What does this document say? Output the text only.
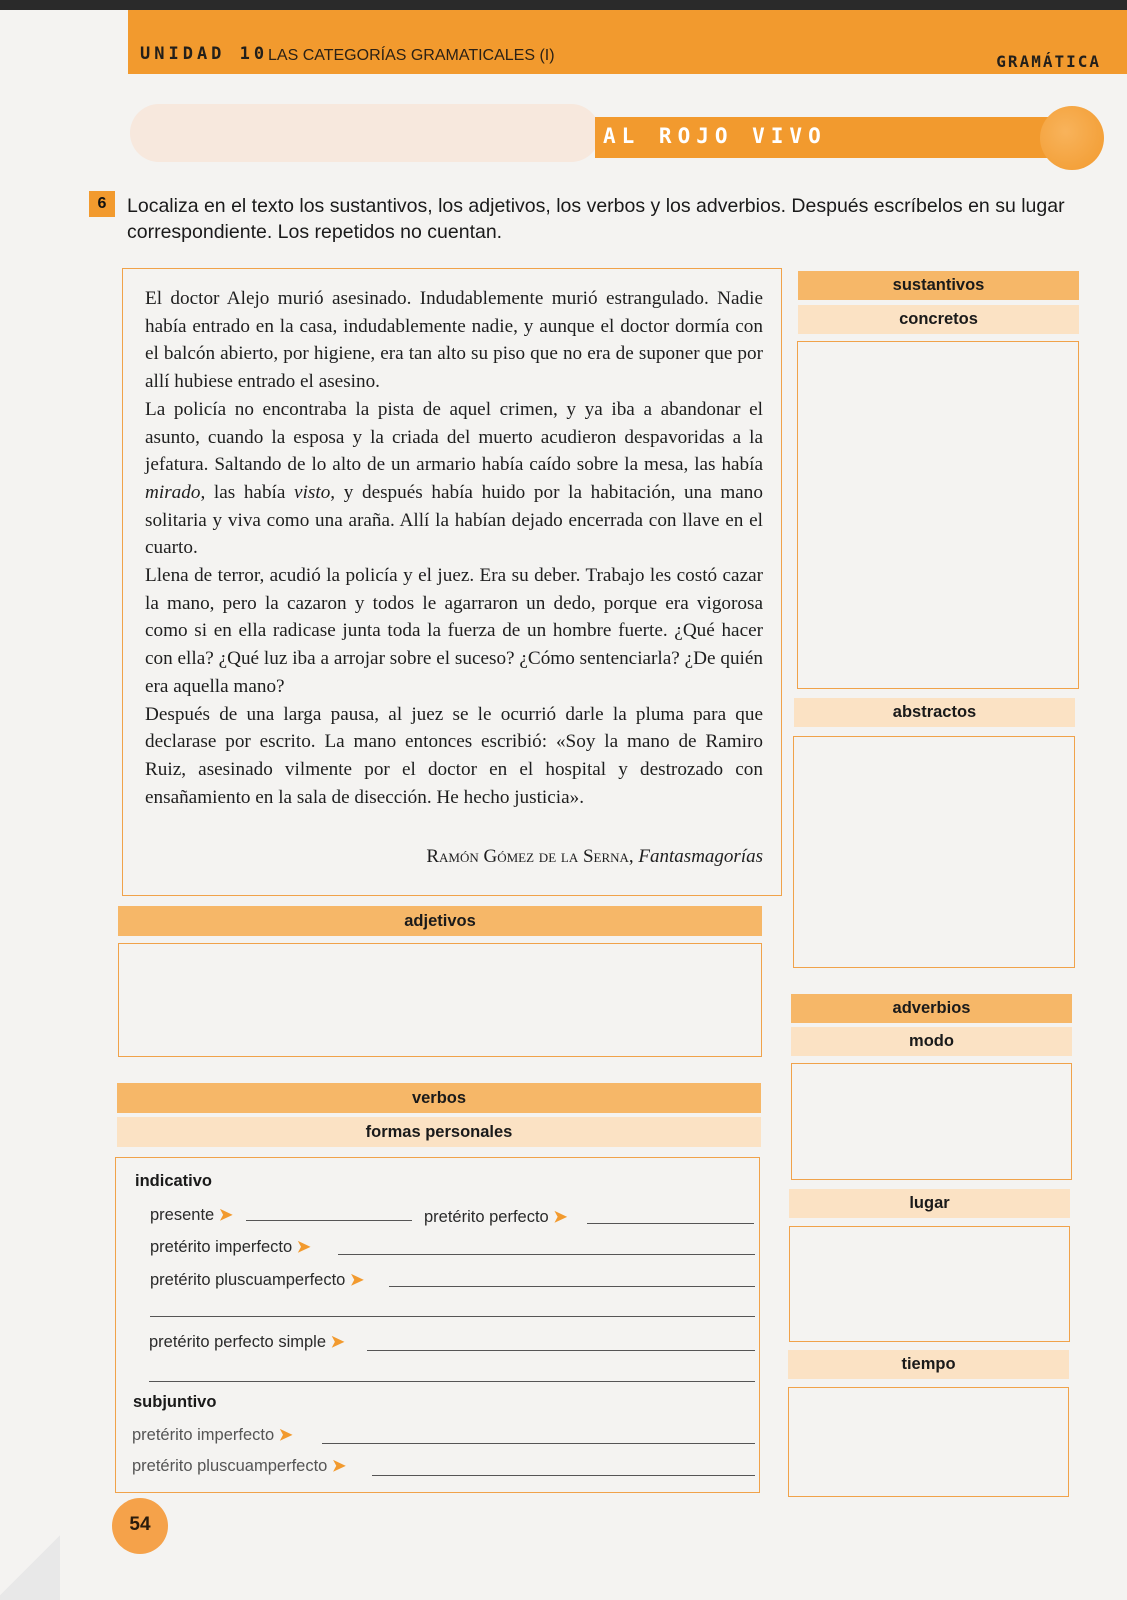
UNIDAD 10 LAS CATEGORÍAS GRAMATICALES (I)	GRAMÁTICA
AL ROJO VIVO
6	Localiza en el texto los sustantivos, los adjetivos, los verbos y los adverbios. Después escríbelos en su lugar correspondiente. Los repetidos no cuentan.

El doctor Alejo murió asesinado. Indudablemente murió estrangulado. Nadie había entrado en la casa, indudablemente nadie, y aunque el doctor dormía con el balcón abierto, por higiene, era tan alto su piso que no era de suponer que por allí hubiese entrado el asesino.

La policía no encontraba la pista de aquel crimen, y ya iba a abandonar el asunto, cuando la esposa y la criada del muerto acudieron despavoridas a la jefatura. Saltando de lo alto de un armario había caído sobre la mesa, las había mirado, las había visto, y después había huido por la habitación, una mano solitaria y viva como una araña. Allí la habían dejado encerrada con llave en el cuarto.

Llena de terror, acudió la policía y el juez. Era su deber. Trabajo les costó cazar la mano, pero la cazaron y todos le agarraron un dedo, porque era vigorosa como si en ella radicase junta toda la fuerza de un hombre fuerte. ¿Qué hacer con ella? ¿Qué luz iba a arrojar sobre el suceso? ¿Cómo sentenciarla? ¿De quién era aquella mano?

Después de una larga pausa, al juez se le ocurrió darle la pluma para que declarase por escrito. La mano entonces escribió: «Soy la mano de Ramiro Ruiz, asesinado vilmente por el doctor en el hospital y destrozado con ensañamiento en la sala de disección. He hecho justicia».

Ramón Gómez de la Serna, Fantasmagorías
sustantivos
concretos
abstractos
adjetivos
adverbios
modo
lugar
tiempo
verbos
formas personales
indicativo
presente ➤	pretérito perfecto ➤
pretérito imperfecto ➤
pretérito pluscuamperfecto ➤
pretérito perfecto simple ➤
subjuntivo
pretérito imperfecto ➤
pretérito pluscuamperfecto ➤
54
